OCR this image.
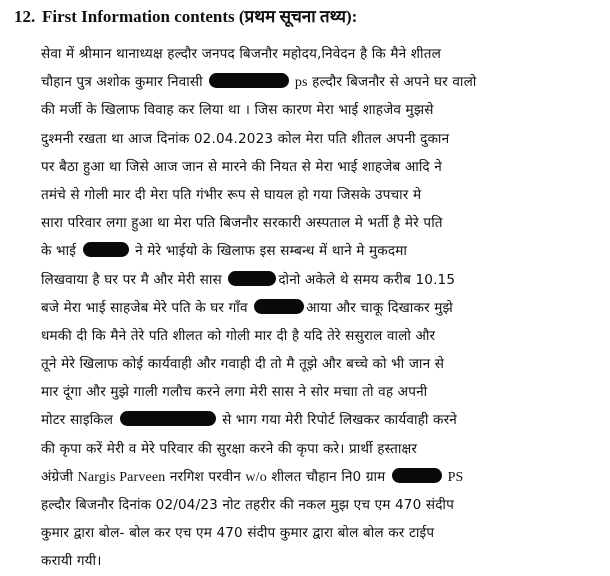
12. First Information contents (प्रथम सूचना तथ्य):
सेवा में श्रीमान थानाध्यक्ष हल्दौर जनपद बिजनौर महोदय,निवेदन है कि मैने शीतल
चौहान पुत्र अशोक कुमार निवासी	ps हल्दौर बिजनौर से अपने घर वालो
की मर्जी के खिलाफ विवाह कर लिया था । जिस कारण मेरा भाई शाहजेव मुझसे
दुश्मनी रखता था आज दिनांक 02.04.2023 कोल मेरा पति शीतल अपनी दुकान
पर बैठा हुआ था जिसे आज जान से मारने की नियत से मेरा भाई शाहजेब आदि ने
तमंचे से गोली मार दी मेरा पति गंभीर रूप से घायल हो गया जिसके उपचार मे
सारा परिवार लगा हुआ था मेरा पति बिजनौर सरकारी अस्पताल मे भर्ती है मेरे पति
के भाई	ने मेरे भाईयो के खिलाफ इस सम्बन्ध में थाने मे मुकदमा
लिखवाया है घर पर मै और मेरी सास	दोनो अकेले थे समय करीब 10.15
बजे मेरा भाई साहजेब मेरे पति के घर गाँव	आया और चाकू दिखाकर मुझे
धमकी दी कि मैने तेरे पति शीलत को गोली मार दी है यदि तेरे ससुराल वालो और
तूने मेरे खिलाफ कोई कार्यवाही और गवाही दी तो मै तूझे और बच्चे को भी जान से
मार दूंगा और मुझे गाली गलौच करने लगा मेरी सास ने सोर मचाा तो वह अपनी
मोटर साइकिल	से भाग गया मेरी रिपोर्ट लिखकर कार्यवाही करने
की कृपा करें मेरी व मेरे परिवार की सुरक्षा करने की कृपा करे। प्रार्थी हस्ताक्षर
अंग्रेजी Nargis Parveen नरगिश परवीन w/o शीलत चौहान नि0 ग्राम	PS
हल्दौर बिजनौर दिनांक 02/04/23 नोट तहरीर की नकल मुझ एच एम 470 संदीप
कुमार द्वारा बोल- बोल कर एच एम 470 संदीप कुमार द्वारा बोल बोल कर टाईप
करायी गयी।
